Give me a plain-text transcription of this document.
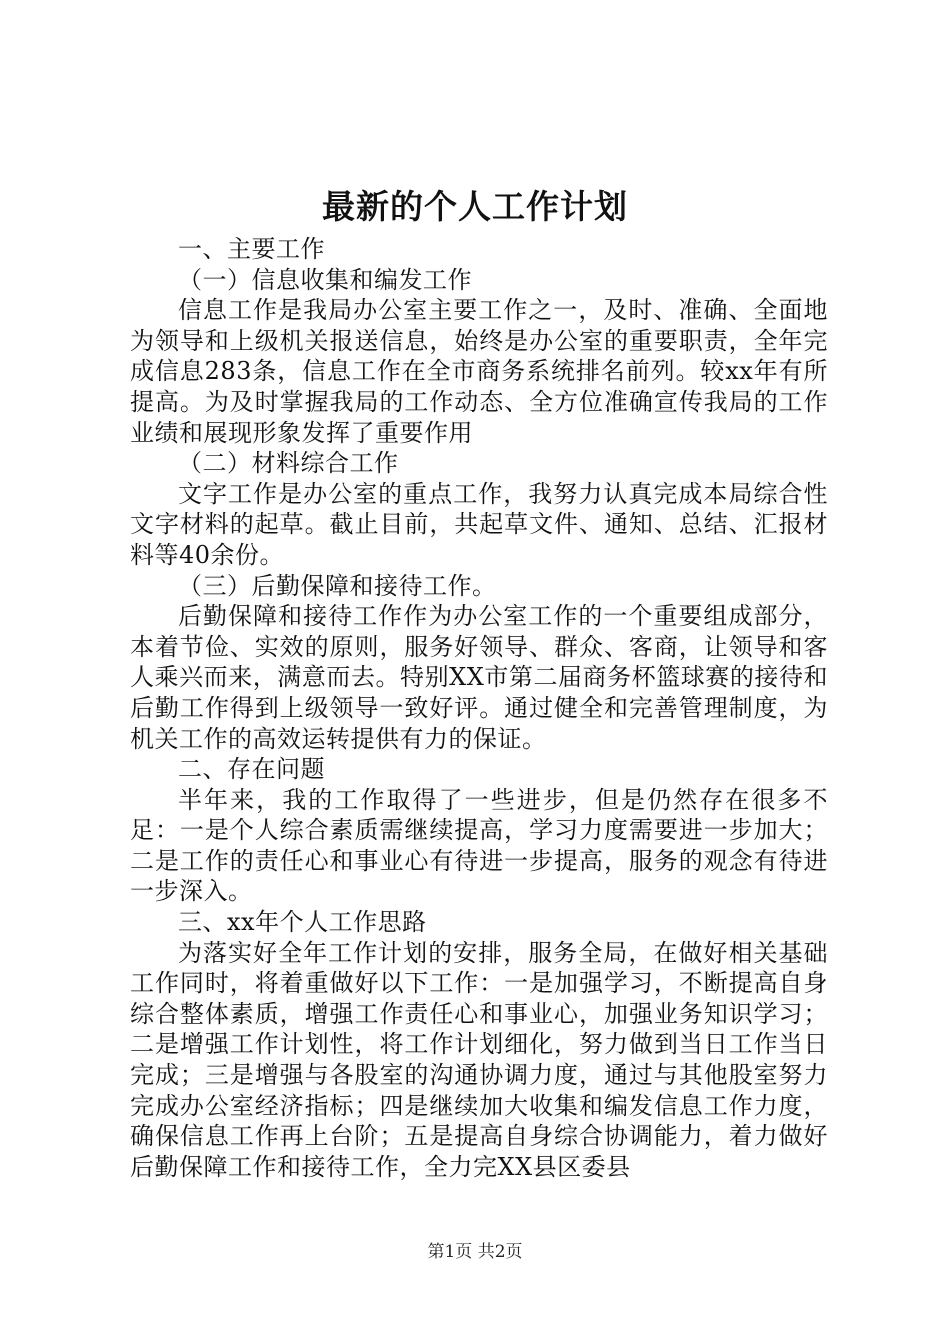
最新的个人工作计划

一、主要工作

（一）信息收集和编发工作

信息工作是我局办公室主要工作之一，及时、准确、全面地为领导和上级机关报送信息，始终是办公室的重要职责，全年完成信息283条，信息工作在全市商务系统排名前列。较xx年有所提高。为及时掌握我局的工作动态、全方位准确宣传我局的工作业绩和展现形象发挥了重要作用

（二）材料综合工作

文字工作是办公室的重点工作，我努力认真完成本局综合性文字材料的起草。截止目前，共起草文件、通知、总结、汇报材料等40余份。

（三）后勤保障和接待工作。

后勤保障和接待工作作为办公室工作的一个重要组成部分，本着节俭、实效的原则，服务好领导、群众、客商，让领导和客人乘兴而来，满意而去。特别XX市第二届商务杯篮球赛的接待和后勤工作得到上级领导一致好评。通过健全和完善管理制度，为机关工作的高效运转提供有力的保证。

二、存在问题

半年来，我的工作取得了一些进步，但是仍然存在很多不足：一是个人综合素质需继续提高，学习力度需要进一步加大；二是工作的责任心和事业心有待进一步提高，服务的观念有待进一步深入。

三、xx年个人工作思路

为落实好全年工作计划的安排，服务全局，在做好相关基础工作同时，将着重做好以下工作：一是加强学习，不断提高自身综合整体素质，增强工作责任心和事业心，加强业务知识学习；二是增强工作计划性，将工作计划细化，努力做到当日工作当日完成；三是增强与各股室的沟通协调力度，通过与其他股室努力完成办公室经济指标；四是继续加大收集和编发信息工作力度，确保信息工作再上台阶；五是提高自身综合协调能力，着力做好后勤保障工作和接待工作，全力完XX县区委县

第1页 共2页
